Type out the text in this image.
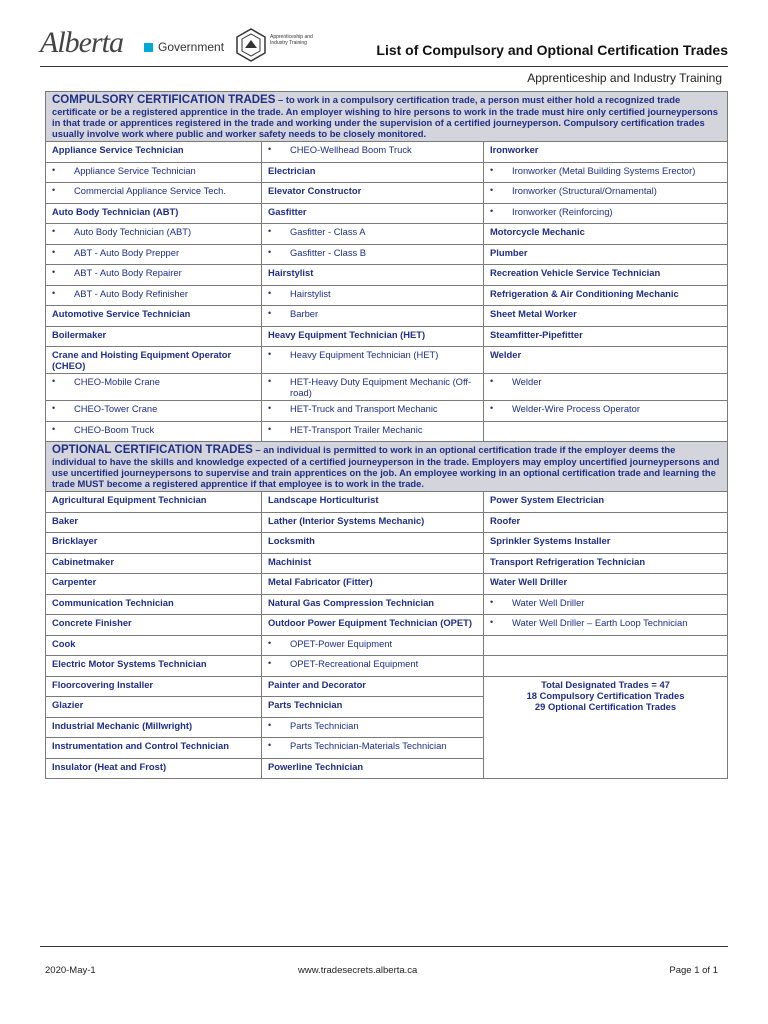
Alberta	Government
Apprenticeship and Industry Training	List of Compulsory and Optional Certification Trades
Apprenticeship and Industry Training
COMPULSORY CERTIFICATION TRADES – to work in a compulsory certification trade, a person must either hold a recognized trade certificate or be a registered apprentice in the trade. An employer wishing to hire persons to work in the trade must hire only certified journeypersons in that trade or apprentices registered in the trade and working under the supervision of a certified journeyperson. Compulsory certification trades usually involve work where public and worker safety needs to be closely monitored.		
Appliance Service Technician	• CHEO-Wellhead Boom Truck	Ironworker

• Appliance Service Technician	Electrician	• Ironworker (Metal Building Systems Erector)

• Commercial Appliance Service Tech.	Elevator Constructor	• Ironworker (Structural/Ornamental)

Auto Body Technician (ABT)	Gasfitter	• Ironworker (Reinforcing)

• Auto Body Technician (ABT)	• Gasfitter - Class A	Motorcycle Mechanic

• ABT - Auto Body Prepper	• Gasfitter - Class B	Plumber

• ABT - Auto Body Repairer	Hairstylist	Recreation Vehicle Service Technician

• ABT - Auto Body Refinisher	• Hairstylist	Refrigeration & Air Conditioning Mechanic
Automotive Service Technician	• Barber	Sheet Metal Worker
Boilermaker	Heavy Equipment Technician (HET)	Steamfitter-Pipefitter
Crane and Hoisting Equipment Operator (CHEO)	• Heavy Equipment Technician (HET)	Welder

• CHEO-Mobile Crane	• HET-Heavy Duty Equipment Mechanic (Off-road)	• Welder

• CHEO-Tower Crane	• HET-Truck and Transport Mechanic	• Welder-Wire Process Operator

• CHEO-Boom Truck	• HET-Transport Trailer Mechanic

OPTIONAL CERTIFICATION TRADES – an individual is permitted to work in an optional certification trade if the employer deems the individual to have the skills and knowledge expected of a certified journeyperson in the trade. Employers may employ uncertified journeypersons and use uncertified journeypersons to supervise and train apprentices on the job. An employee working in an optional certification trade and learning the trade MUST become a registered apprentice if that employee is to work in the trade.		
Agricultural Equipment Technician	Landscape Horticulturist	Power System Electrician
Baker	Lather (Interior Systems Mechanic)	Roofer
Bricklayer	Locksmith	Sprinkler Systems Installer
Cabinetmaker	Machinist	Transport Refrigeration Technician
Carpenter	Metal Fabricator (Fitter)	Water Well Driller
Communication Technician	Natural Gas Compression Technician	• Water Well Driller

Concrete Finisher	Outdoor Power Equipment Technician (OPET)	• Water Well Driller – Earth Loop Technician

Cook	• OPET-Power Equipment

Electric Motor Systems Technician	• OPET-Recreational Equipment

Floorcovering Installer	Painter and Decorator	Total Designated Trades = 47
18 Compulsory Certification Trades
29 Optional Certification Trades

Glazier	Parts Technician	
Industrial Mechanic (Millwright)	• Parts Technician

Instrumentation and Control Technician	• Parts Technician-Materials Technician

Insulator (Heat and Frost)	Powerline Technician	
2020-May-1	www.tradesecrets.alberta.ca	Page 1 of 1
